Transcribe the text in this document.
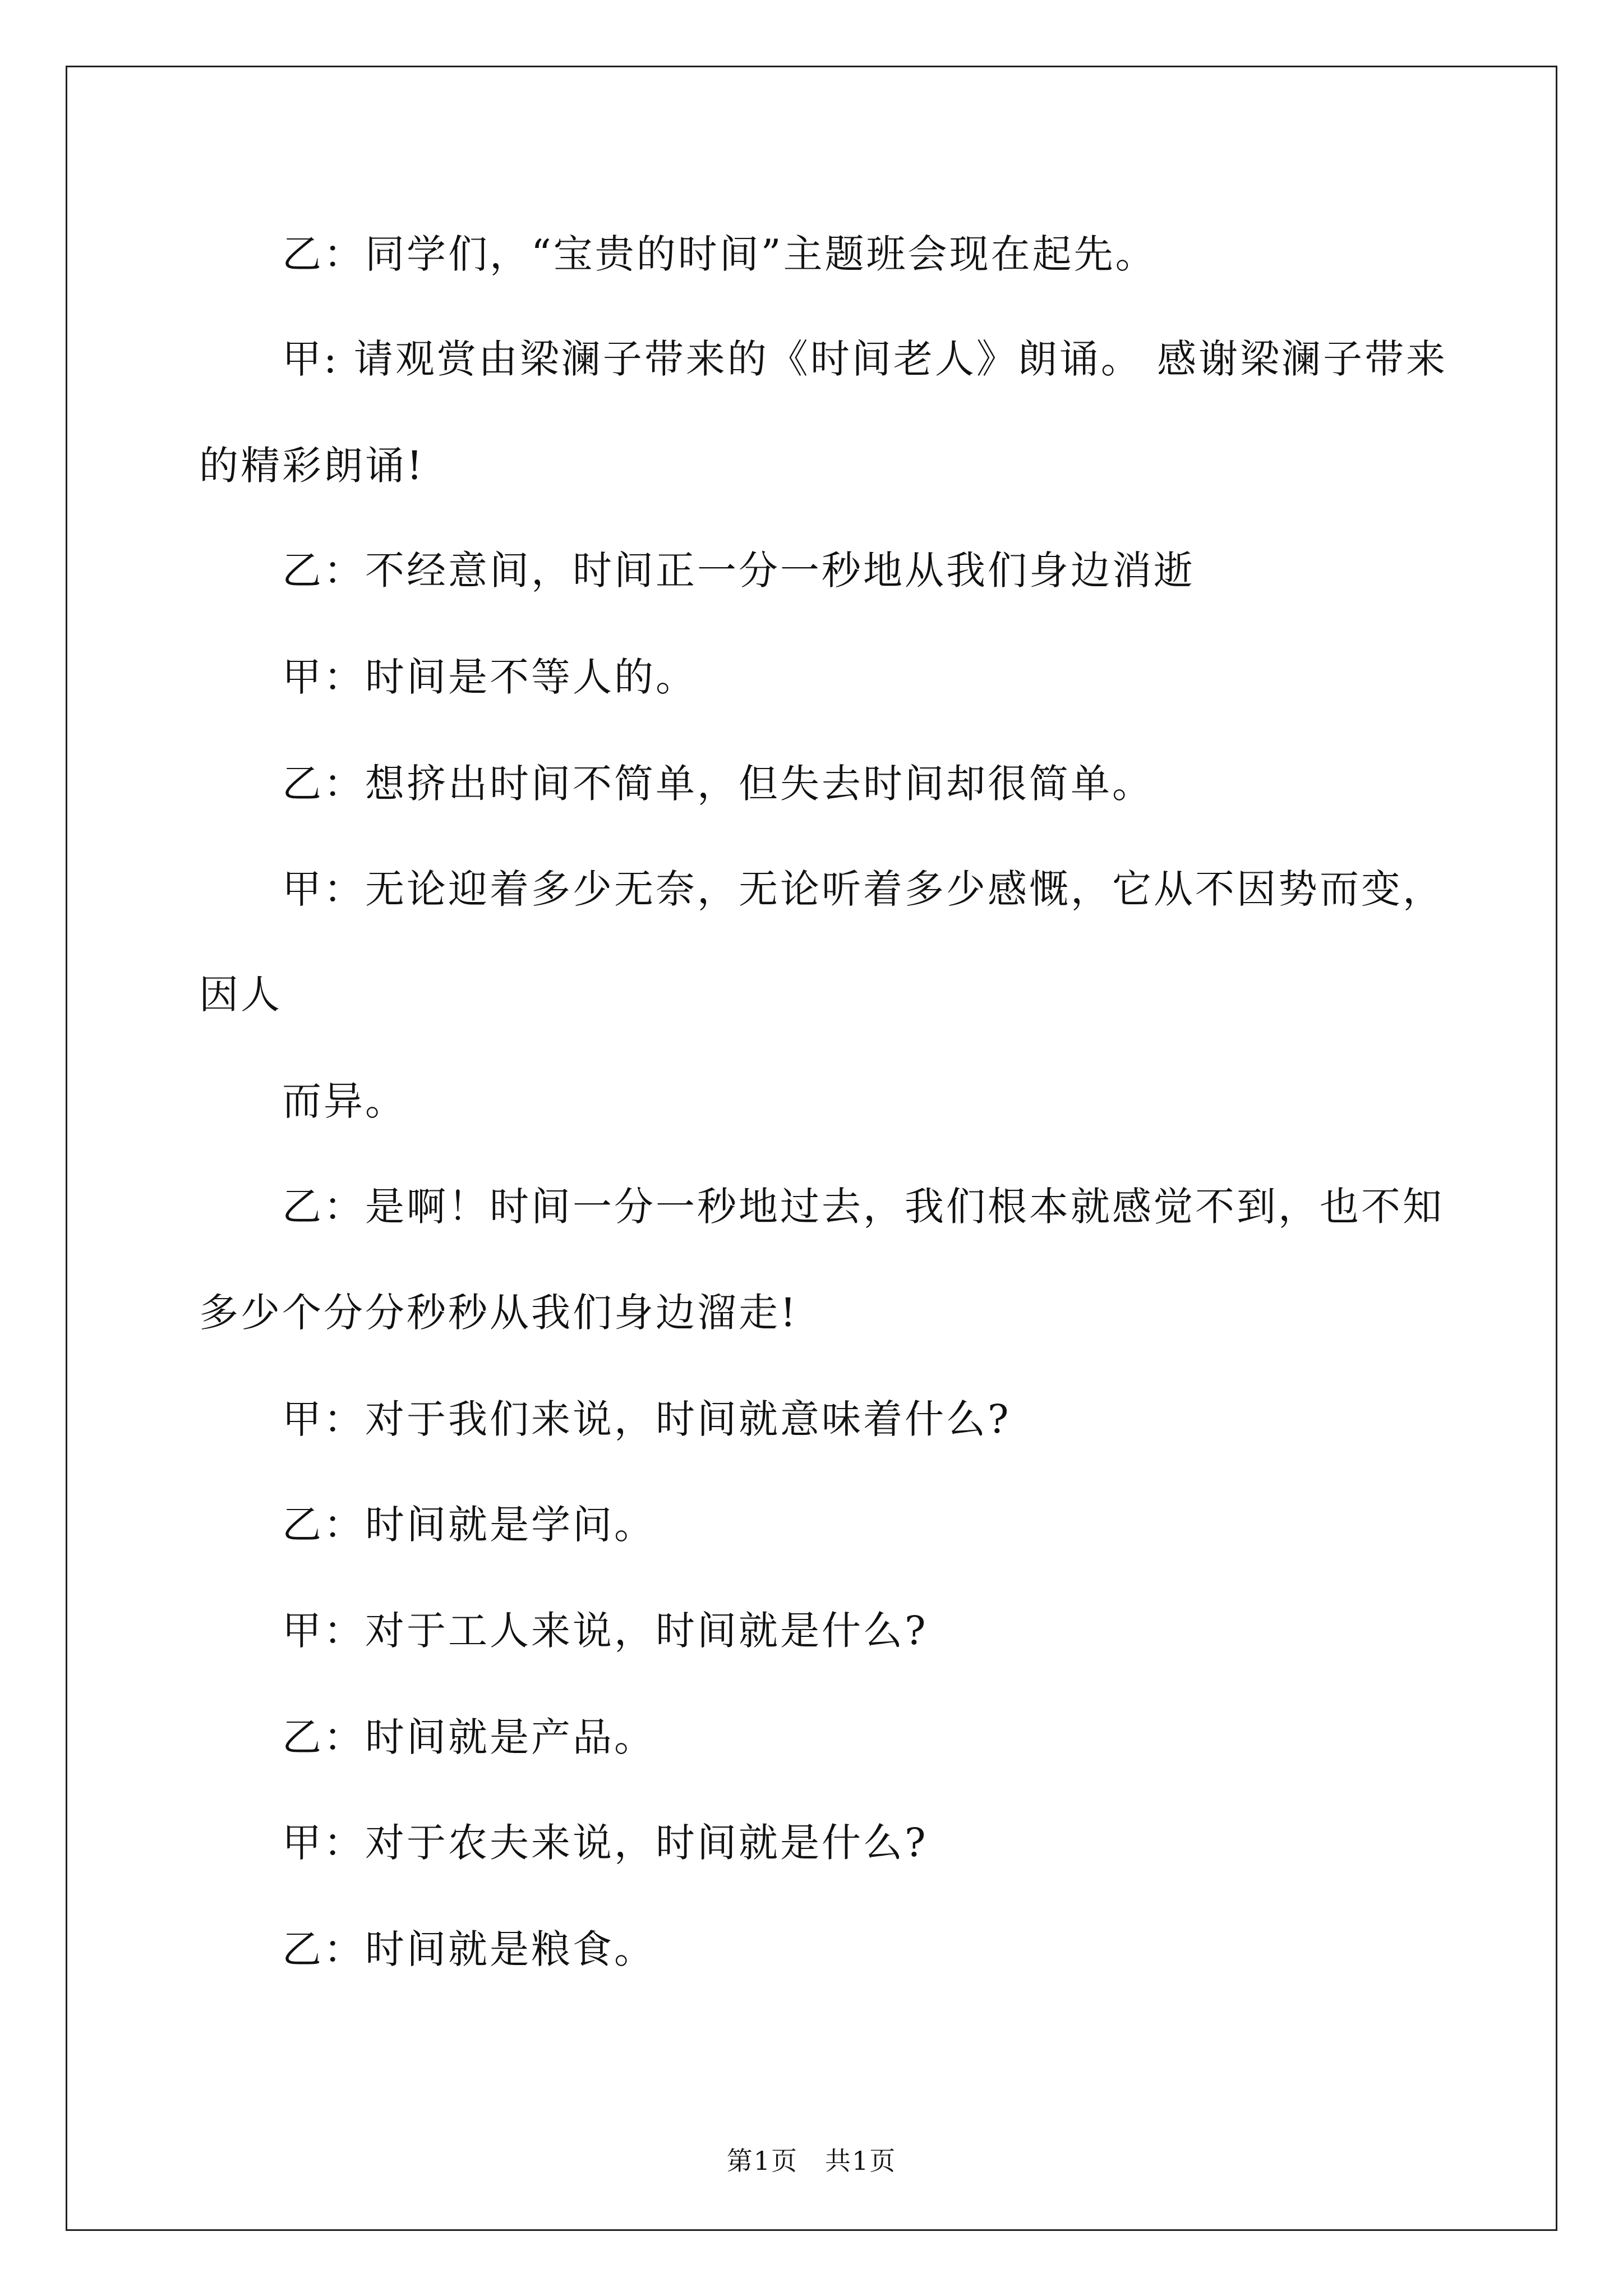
乙：同学们，“宝贵的时间”主题班会现在起先。
甲: 请观赏由梁澜子带来的《时间老人》朗诵。 感谢梁澜子带来
的精彩朗诵!
乙：不经意间，时间正一分一秒地从我们身边消逝
甲：时间是不等人的。
乙：想挤出时间不简单，但失去时间却很简单。
甲：无论迎着多少无奈，无论听着多少感慨，它从不因势而变，
因人
而异。
乙：是啊！时间一分一秒地过去，我们根本就感觉不到，也不知
多少个分分秒秒从我们身边溜走!
甲：对于我们来说，时间就意味着什么?
乙：时间就是学问。
甲：对于工人来说，时间就是什么?
乙：时间就是产品。
甲：对于农夫来说，时间就是什么?
乙：时间就是粮食。
第1页　共1页
